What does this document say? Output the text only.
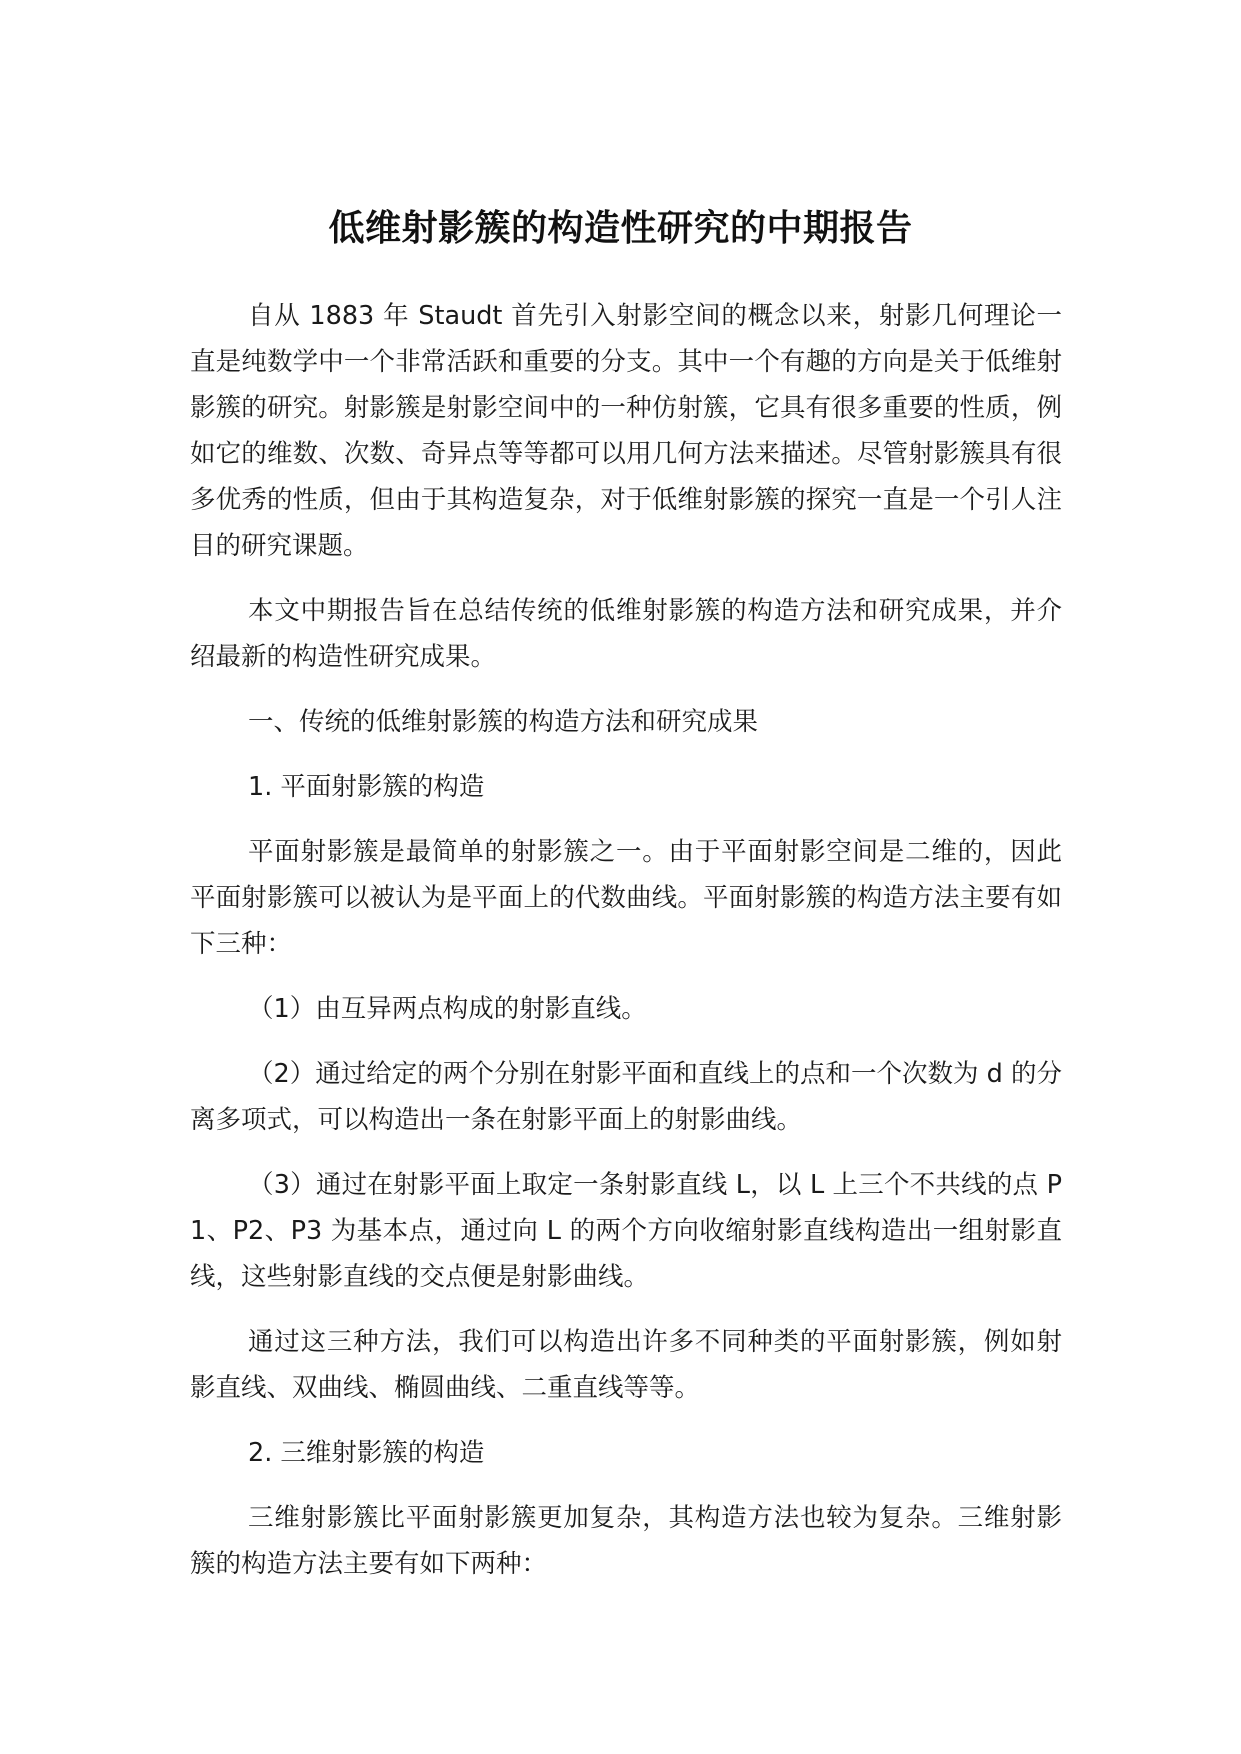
低维射影簇的构造性研究的中期报告

自从 1883 年 Staudt 首先引入射影空间的概念以来，射影几何理论一直是纯数学中一个非常活跃和重要的分支。其中一个有趣的方向是关于低维射影簇的研究。射影簇是射影空间中的一种仿射簇，它具有很多重要的性质，例如它的维数、次数、奇异点等等都可以用几何方法来描述。尽管射影簇具有很多优秀的性质，但由于其构造复杂，对于低维射影簇的探究一直是一个引人注目的研究课题。

本文中期报告旨在总结传统的低维射影簇的构造方法和研究成果，并介绍最新的构造性研究成果。

一、传统的低维射影簇的构造方法和研究成果

1. 平面射影簇的构造

平面射影簇是最简单的射影簇之一。由于平面射影空间是二维的，因此平面射影簇可以被认为是平面上的代数曲线。平面射影簇的构造方法主要有如下三种：

（1）由互异两点构成的射影直线。

（2）通过给定的两个分别在射影平面和直线上的点和一个次数为 d 的分离多项式，可以构造出一条在射影平面上的射影曲线。

（3）通过在射影平面上取定一条射影直线 L，以 L 上三个不共线的点 P1、P2、P3 为基本点，通过向 L 的两个方向收缩射影直线构造出一组射影直线，这些射影直线的交点便是射影曲线。

通过这三种方法，我们可以构造出许多不同种类的平面射影簇，例如射影直线、双曲线、椭圆曲线、二重直线等等。

2. 三维射影簇的构造

三维射影簇比平面射影簇更加复杂，其构造方法也较为复杂。三维射影簇的构造方法主要有如下两种：
